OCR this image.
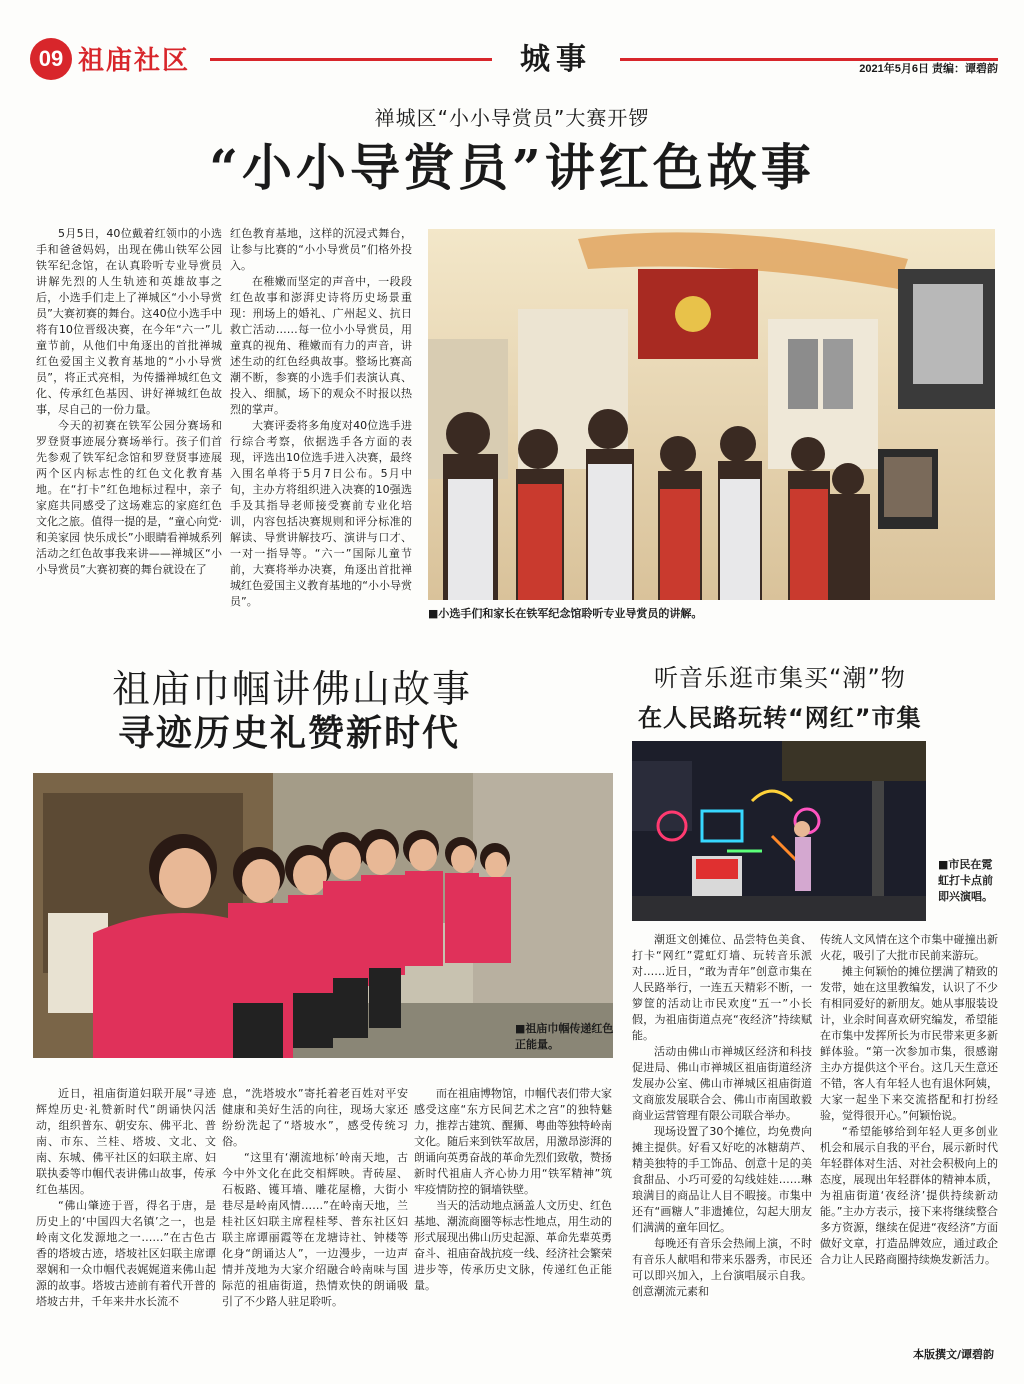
09 祖庙社区	城事	2021年5月6日 责编：谭碧韵
禅城区“小小导赏员”大赛开锣
“小小导赏员”讲红色故事

5月5日，40位戴着红领巾的小选手和爸爸妈妈，出现在佛山铁军公园铁军纪念馆，在认真聆听专业导赏员讲解先烈的人生轨迹和英雄故事之后，小选手们走上了禅城区“小小导赏员”大赛初赛的舞台。这40位小选手中将有10位晋级决赛，在今年“六一”儿童节前，从他们中角逐出的首批禅城红色爱国主义教育基地的“小小导赏员”，将正式亮相，为传播禅城红色文化、传承红色基因、讲好禅城红色故事，尽自己的一份力量。

今天的初赛在铁军公园分赛场和罗登贤事迹展分赛场举行。孩子们首先参观了铁军纪念馆和罗登贤事迹展两个区内标志性的红色文化教育基地。在“打卡”红色地标过程中，亲子家庭共同感受了这场难忘的家庭红色文化之旅。值得一提的是，“童心向党·和美家园 快乐成长”小眼睛看禅城系列活动之红色故事我来讲——禅城区“小小导赏员”大赛初赛的舞台就设在了

红色教育基地，这样的沉浸式舞台，让参与比赛的“小小导赏员”们格外投入。

在稚嫩而坚定的声音中，一段段红色故事和澎湃史诗将历史场景重现：刑场上的婚礼、广州起义、抗日救亡活动……每一位小小导赏员，用童真的视角、稚嫩而有力的声音，讲述生动的红色经典故事。整场比赛高潮不断，参赛的小选手们表演认真、投入、细腻，场下的观众不时报以热烈的掌声。

大赛评委将多角度对40位选手进行综合考察，依据选手各方面的表现，评选出10位选手进入决赛，最终入围名单将于5月7日公布。5月中旬，主办方将组织进入决赛的10强选手及其指导老师接受赛前专业化培训，内容包括决赛规则和评分标准的解读、导赏讲解技巧、演讲与口才、一对一指导等。“六一”国际儿童节前，大赛将举办决赛，角逐出首批禅城红色爱国主义教育基地的“小小导赏员”。

■小选手们和家长在铁军纪念馆聆听专业导赏员的讲解。
祖庙巾帼讲佛山故事
寻迹历史礼赞新时代
■祖庙巾帼传递红色正能量。

近日，祖庙街道妇联开展“寻迹辉煌历史·礼赞新时代”朗诵快闪活动，组织普东、朝安东、佛平北、普南、市东、兰桂、塔坡、文北、文南、东城、佛平社区的妇联主席、妇联执委等巾帼代表讲佛山故事，传承红色基因。

“佛山肇迹于晋，得名于唐，是历史上的‘中国四大名镇’之一，也是岭南文化发源地之一……”在古色古香的塔坡古迹，塔坡社区妇联主席谭翠娴和一众巾帼代表娓娓道来佛山起源的故事。塔坡古迹前有着代开普的塔坡古井，千年来井水长流不

息，“洗塔坡水”寄托着老百姓对平安健康和美好生活的向往，现场大家还纷纷洗起了“塔坡水”，感受传统习俗。

“这里有‘潮流地标’岭南天地，古今中外文化在此交相辉映。青砖屋、石板路、镬耳墙、雕花屋檐，大街小巷尽是岭南风情……”在岭南天地，兰桂社区妇联主席程桂琴、普东社区妇联主席谭丽霞等在龙塘诗社、钟楼等化身“朗诵达人”，一边漫步，一边声情并茂地为大家介绍融合岭南味与国际范的祖庙街道，热情欢快的朗诵吸引了不少路人驻足聆听。

而在祖庙博物馆，巾帼代表们带大家感受这座“东方民间艺术之宫”的独特魅力，推荐古建筑、醒狮、粤曲等独特岭南文化。随后来到铁军故居，用激昂澎湃的朗诵向英勇奋战的革命先烈们致敬，赞扬新时代祖庙人齐心协力用“铁军精神”筑牢疫情防控的铜墙铁壁。

当天的活动地点涵盖人文历史、红色基地、潮流商圈等标志性地点，用生动的形式展现出佛山历史起源、革命先辈英勇奋斗、祖庙奋战抗疫一线、经济社会繁荣进步等，传承历史文脉，传递红色正能量。

听音乐逛市集买“潮”物
在人民路玩转“网红”市集
■市民在霓虹打卡点前即兴演唱。

潮逛文创摊位、品尝特色美食、打卡“网红”霓虹灯墙、玩转音乐派对……近日，“敢为青年”创意市集在人民路举行，一连五天精彩不断，一箩筐的活动让市民欢度“五一”小长假，为祖庙街道点亮“夜经济”持续赋能。

活动由佛山市禅城区经济和科技促进局、佛山市禅城区祖庙街道经济发展办公室、佛山市禅城区祖庙街道文商旅发展联合会、佛山市南国敢毅商业运营管理有限公司联合举办。

现场设置了30个摊位，均免费向摊主提供。好看又好吃的冰糖葫芦、精美独特的手工饰品、创意十足的美食甜品、小巧可爱的勾线娃娃……琳琅满目的商品让人目不暇接。市集中还有“画糖人”非遗摊位，勾起大朋友们满满的童年回忆。

每晚还有音乐会热闹上演，不时有音乐人献唱和带来乐器秀，市民还可以即兴加入，上台演唱展示自我。创意潮流元素和

传统人文风情在这个市集中碰撞出新火花，吸引了大批市民前来游玩。

摊主何颖怡的摊位摆满了精致的发带，她在这里教编发，认识了不少有相同爱好的新朋友。她从事服装设计，业余时间喜欢研究编发，希望能在市集中发挥所长为市民带来更多新鲜体验。“第一次参加市集，很感谢主办方提供这个平台。这几天生意还不错，客人有年轻人也有退休阿姨，大家一起坐下来交流搭配和打扮经验，觉得很开心。”何颖怡说。

“希望能够给到年轻人更多创业机会和展示自我的平台，展示新时代年轻群体对生活、对社会积极向上的态度，展现出年轻群体的精神本质，为祖庙街道‘夜经济’提供持续新动能。”主办方表示，接下来将继续整合多方资源，继续在促进“夜经济”方面做好文章，打造品牌效应，通过政企合力让人民路商圈持续焕发新活力。

本版撰文/谭碧韵
